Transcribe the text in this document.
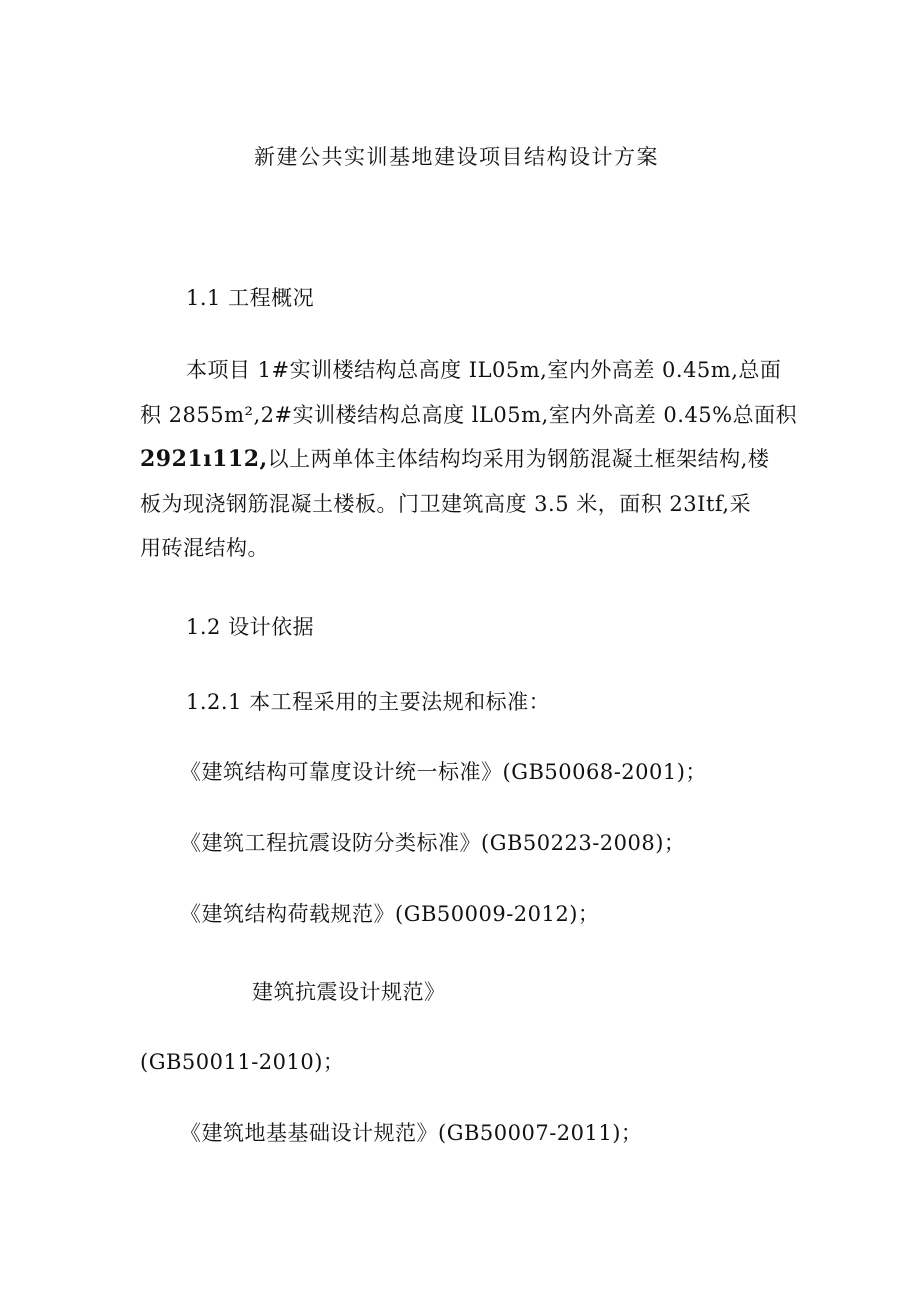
新建公共实训基地建设项目结构设计方案
1.1 工程概况
本项目 1#实训楼结构总高度 IL05m,室内外高差 0.45m,总面
积 2855m²,2#实训楼结构总高度 lL05m,室内外高差 0.45%总面积
2921ı112,以上两单体主体结构均采用为钢筋混凝土框架结构,楼
板为现浇钢筋混凝土楼板。门卫建筑高度 3.5 米，面积 23Itf,采
用砖混结构。
1.2 设计依据
1.2.1 本工程采用的主要法规和标准：
《建筑结构可靠度设计统一标准》(GB50068-2001)；
《建筑工程抗震设防分类标准》(GB50223-2008)；
《建筑结构荷载规范》(GB50009-2012)；
建筑抗震设计规范》
(GB50011-2010)；
《建筑地基基础设计规范》(GB50007-2011)；
